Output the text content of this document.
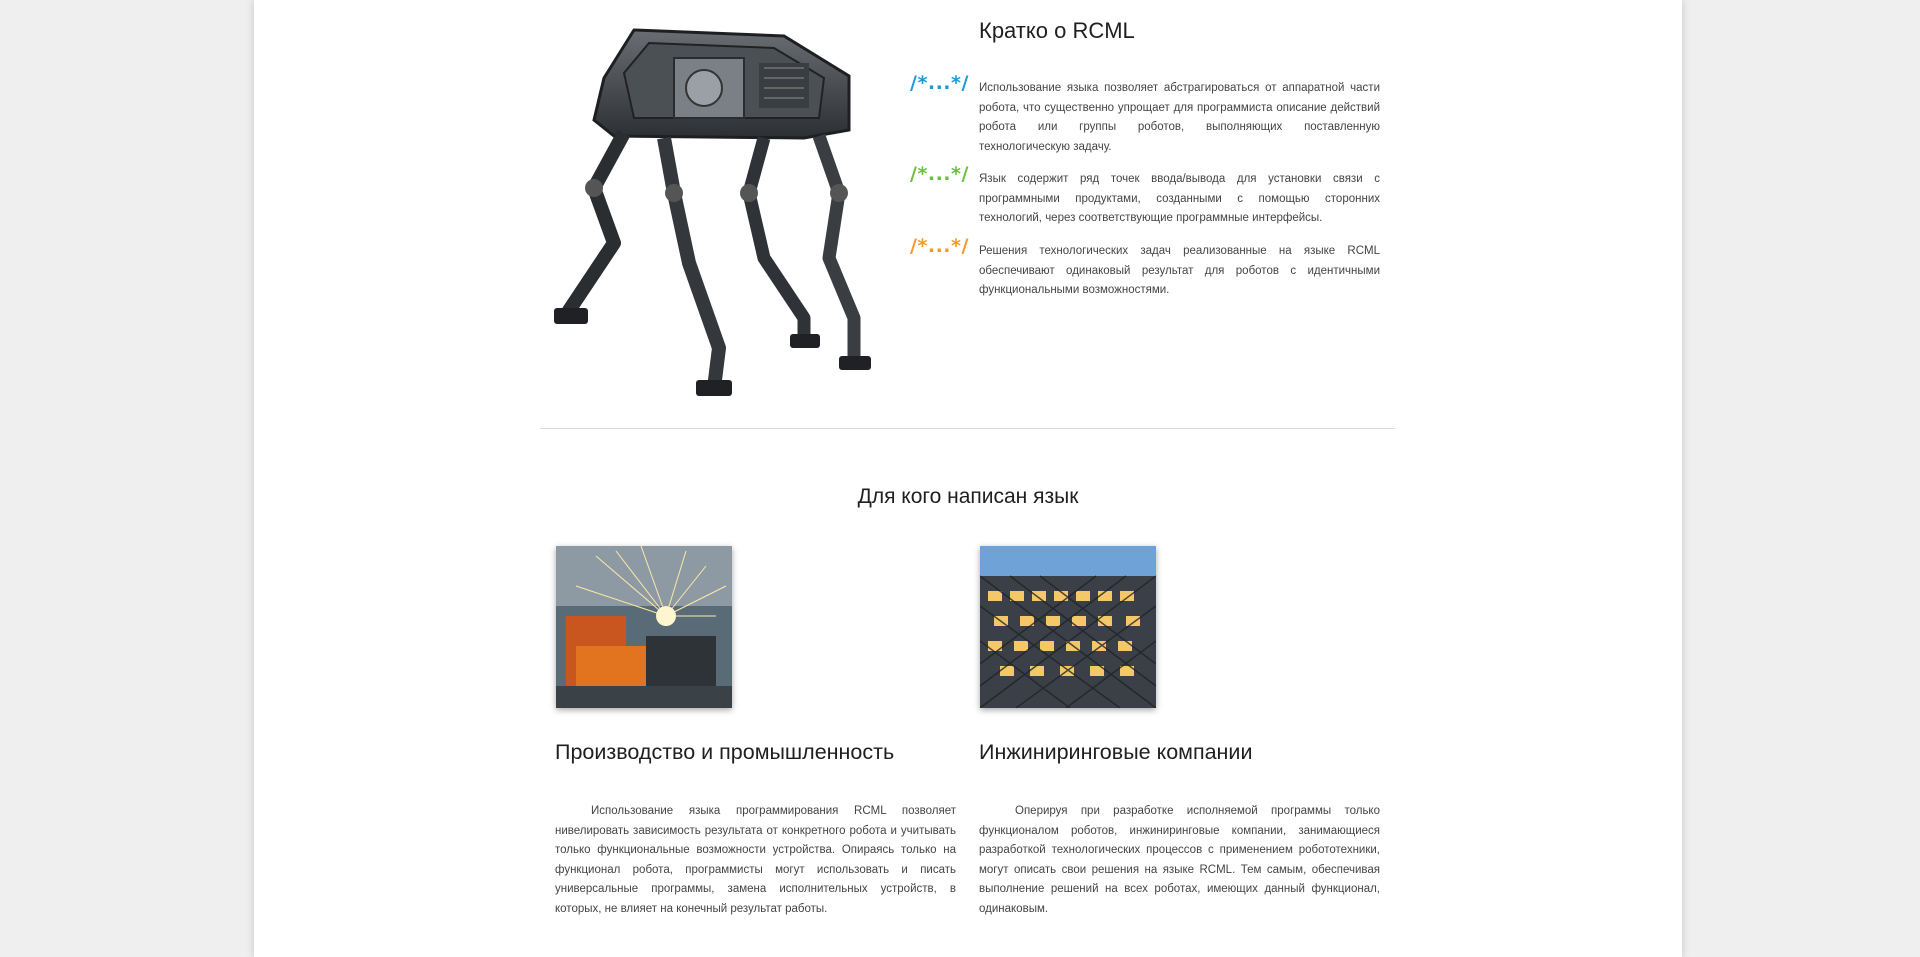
Кратко о RCML
/*...*/ Использование языка позволяет абстрагироваться от аппаратной части робота, что существенно упрощает для программиста описание действий робота или группы роботов, выполняющих поставленную технологическую задачу.

/*...*/ Язык содержит ряд точек ввода/вывода для установки связи с программными продуктами, созданными с помощью сторонних технологий, через соответствующие программные интерфейсы.

/*...*/ Решения технологических задач реализованные на языке RCML обеспечивают одинаковый результат для роботов с идентичными функциональными возможностями.

Для кого написан язык
Производство и промышленность	Инжиниринговые компании

Использование языка программирования RCML позволяет нивелировать зависимость результата от конкретного робота и учитывать только функциональные возможности устройства. Опираясь только на функционал робота, программисты могут использовать и писать универсальные программы, замена исполнительных устройств, в которых, не влияет на конечный результат работы.

Оперируя при разработке исполняемой программы только функционалом роботов, инжиниринговые компании, занимающиеся разработкой технологических процессов с применением робототехники, могут описать свои решения на языке RCML. Тем самым, обеспечивая выполнение решений на всех роботах, имеющих данный функционал, одинаковым.
